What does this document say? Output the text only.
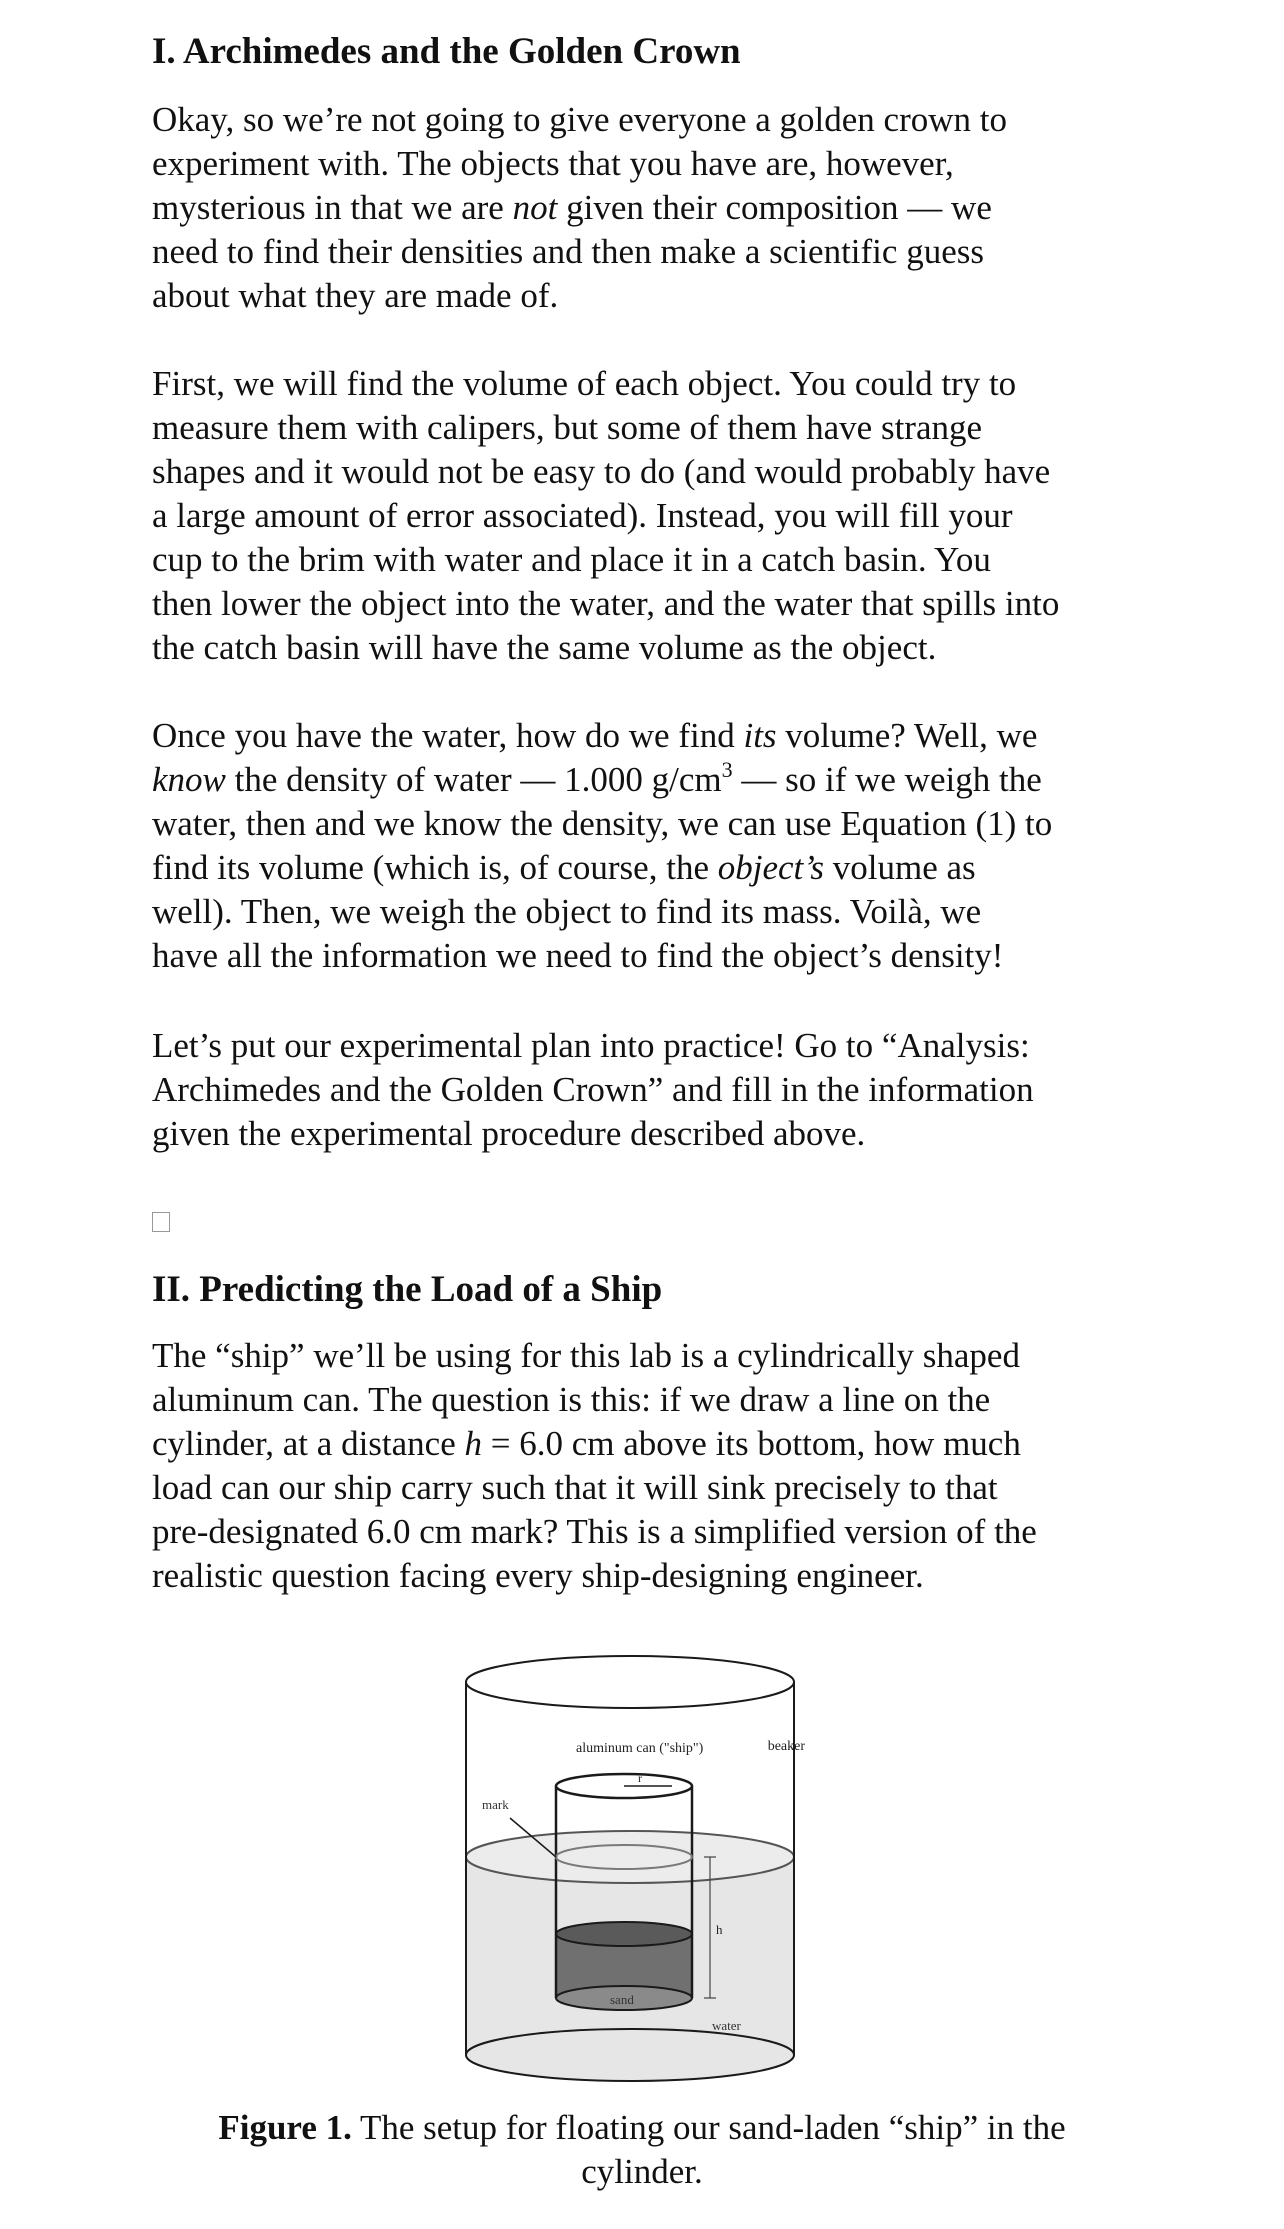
I. Archimedes and the Golden Crown
Okay, so we’re not going to give everyone a golden crown to
experiment with. The objects that you have are, however,
mysterious in that we are not given their composition — we
need to find their densities and then make a scientific guess
about what they are made of.
First, we will find the volume of each object. You could try to
measure them with calipers, but some of them have strange
shapes and it would not be easy to do (and would probably have
a large amount of error associated). Instead, you will fill your
cup to the brim with water and place it in a catch basin. You
then lower the object into the water, and the water that spills into
the catch basin will have the same volume as the object.
Once you have the water, how do we find its volume? Well, we
know the density of water — 1.000 $g/cm^3$ — so if we weigh the
water, then and we know the density, we can use Equation (1) to
find its volume (which is, of course, the object’s volume as
well). Then, we weigh the object to find its mass. Voilà, we
have all the information we need to find the object’s density!
Let’s put our experimental plan into practice! Go to “Analysis:
Archimedes and the Golden Crown” and fill in the information
given the experimental procedure described above.
II. Predicting the Load of a Ship
The “ship” we’ll be using for this lab is a cylindrically shaped
aluminum can. The question is this: if we draw a line on the
cylinder, at a distance h = 6.0 cm above its bottom, how much
load can our ship carry such that it will sink precisely to that
pre-designated 6.0 cm mark? This is a simplified version of the
realistic question facing every ship-designing engineer.
r
mark
h
aluminum can ("ship")	beaker
sand
water
Figure 1. The setup for floating our sand-laden “ship” in the
cylinder.
